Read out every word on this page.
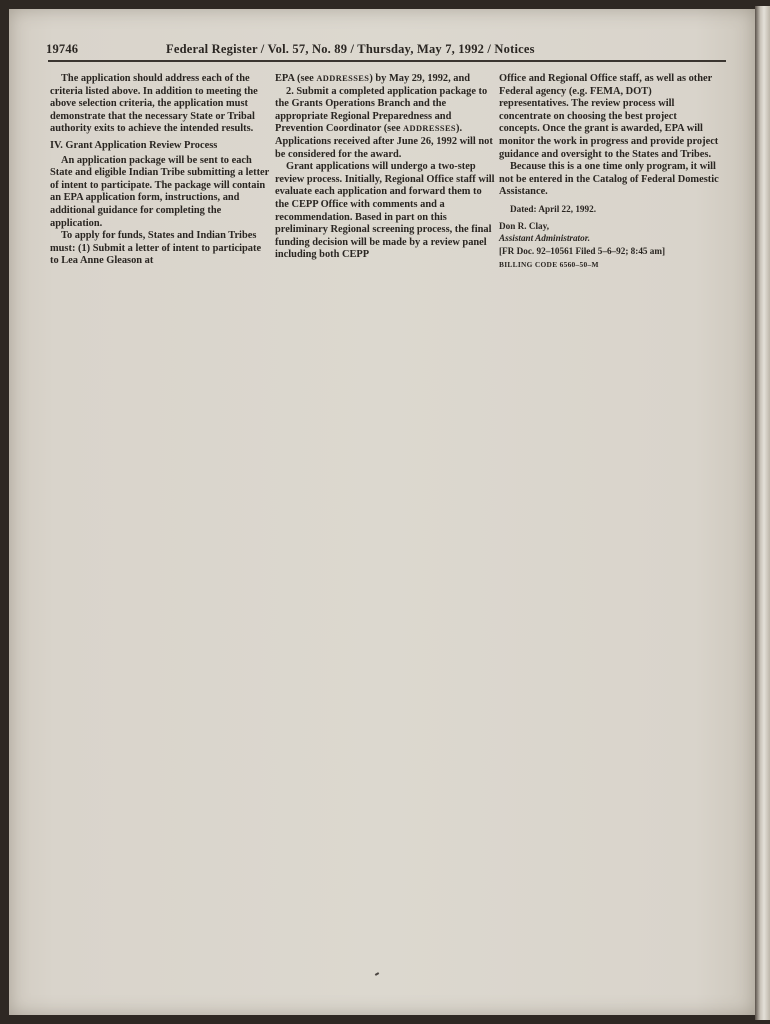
19746	Federal Register / Vol. 57, No. 89 / Thursday, May 7, 1992 / Notices

The application should address each of the criteria listed above. In addition to meeting the above selection criteria, the application must demonstrate that the necessary State or Tribal authority exits to achieve the intended results.

IV. Grant Application Review Process

An application package will be sent to each State and eligible Indian Tribe submitting a letter of intent to participate. The package will contain an EPA application form, instructions, and additional guidance for completing the application.

To apply for funds, States and Indian Tribes must: (1) Submit a letter of intent to participate to Lea Anne Gleason at

EPA (see ADDRESSES) by May 29, 1992, and

2. Submit a completed application package to the Grants Operations Branch and the appropriate Regional Preparedness and Prevention Coordinator (see ADDRESSES). Applications received after June 26, 1992 will not be considered for the award.

Grant applications will undergo a two-step review process. Initially, Regional Office staff will evaluate each application and forward them to the CEPP Office with comments and a recommendation. Based in part on this preliminary Regional screening process, the final funding decision will be made by a review panel including both CEPP

Office and Regional Office staff, as well as other Federal agency (e.g. FEMA, DOT) representatives. The review process will concentrate on choosing the best project concepts. Once the grant is awarded, EPA will monitor the work in progress and provide project guidance and oversight to the States and Tribes.

Because this is a one time only program, it will not be entered in the Catalog of Federal Domestic Assistance.

Dated: April 22, 1992.

Don R. Clay,

Assistant Administrator.

[FR Doc. 92–10561 Filed 5–6–92; 8:45 am]

BILLING CODE 6560–50–M
